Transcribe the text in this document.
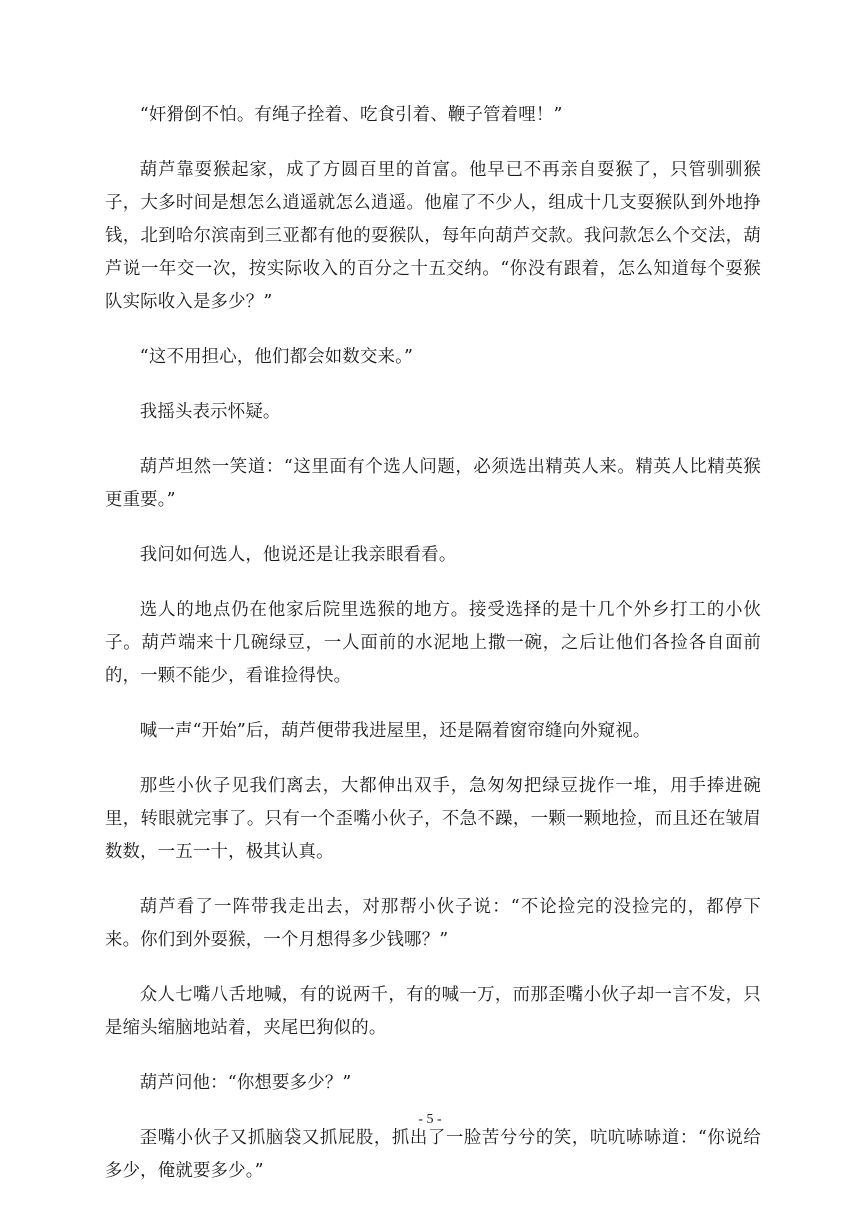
“奸猾倒不怕。有绳子拴着、吃食引着、鞭子管着哩！”

葫芦靠耍猴起家，成了方圆百里的首富。他早已不再亲自耍猴了，只管驯驯猴子，大多时间是想怎么逍遥就怎么逍遥。他雇了不少人，组成十几支耍猴队到外地挣钱，北到哈尔滨南到三亚都有他的耍猴队，每年向葫芦交款。我问款怎么个交法，葫芦说一年交一次，按实际收入的百分之十五交纳。“你没有跟着，怎么知道每个耍猴队实际收入是多少？”

“这不用担心，他们都会如数交来。”

我摇头表示怀疑。

葫芦坦然一笑道：“这里面有个选人问题，必须选出精英人来。精英人比精英猴更重要。”

我问如何选人，他说还是让我亲眼看看。

选人的地点仍在他家后院里选猴的地方。接受选择的是十几个外乡打工的小伙子。葫芦端来十几碗绿豆，一人面前的水泥地上撒一碗，之后让他们各捡各自面前的，一颗不能少，看谁捡得快。

喊一声“开始”后，葫芦便带我进屋里，还是隔着窗帘缝向外窥视。

那些小伙子见我们离去，大都伸出双手，急匆匆把绿豆拢作一堆，用手捧进碗里，转眼就完事了。只有一个歪嘴小伙子，不急不躁，一颗一颗地捡，而且还在皱眉数数，一五一十，极其认真。

葫芦看了一阵带我走出去，对那帮小伙子说：“不论捡完的没捡完的，都停下来。你们到外耍猴，一个月想得多少钱哪？”

众人七嘴八舌地喊，有的说两千，有的喊一万，而那歪嘴小伙子却一言不发，只是缩头缩脑地站着，夹尾巴狗似的。

葫芦问他：“你想要多少？”

歪嘴小伙子又抓脑袋又抓屁股，抓出了一脸苦兮兮的笑，吭吭哧哧道：“你说给多少，俺就要多少。”

- 5 -
